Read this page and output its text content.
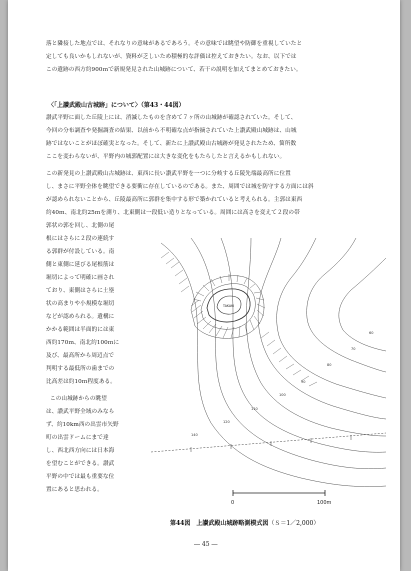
落と隣接した地点では、それなりの意味があるであろう。その意味では眺望や防御を重視していたと
定しても良いかもしれないが、資料が乏しいため積極的な評価は控えておきたい。なお、以下では
この遺跡の西方約900ｍで新規発見された山城跡について、若干の説明を加えてまとめておきたい。
〈「上讃武殿山古城跡」について〉（第43・44図）
讃武平野に面した丘陵上には、消滅したものを含めて７ヶ所の山城跡が確認されていた。そして、
今回の分布調査や発掘調査の結果、以前から不明確な点が指摘されていた上讃武殿山城跡は、山城
跡ではないことがほぼ確実となった。そして、新たに上讃武殿山古城跡が発見されたため、箇所数
ここを変わらないが、平野内の城郭配置には大きな変化をもたらしたと言えるかもしれない。
この新発見の上讃武殿山古城跡は、東西に長い讃武平野を一つに分岐する丘陵先端最高所に位置
し、まさに平野全体を眺望できる要衝に存在しているのである。また、周囲では城を防守する方面には斜
が認められないことから、丘陵最高所に郭群を集中する形で築かれていると考えられる。主郭は東西
約40ｍ、南北約25ｍを測り、北東側は一段低い造りとなっている。周囲には高さを変えて２段の帯
郭状の郭を回し、北側の尾
根にはさらに２段の連続す
る郭群が付設している。南
側と東側に延びる尾根筋は
堀切によって明確に画され
ており、東側はさらに土塁
状の高まりや小規模な堀切
などが認められる。遺構に
かかる範囲は半面的には東
西約170ｍ、南北約100ｍに
及び、最高所から周辺点で
判明する最低所の歯までの
比高差は約10ｍ程度ある。
この山城跡からの眺望
は、讃武平野全域のみなら
ず、約10km西の出雲市矢野
町の出雲ドームにまで達
し、西北西方向には日本海
を望むことができる。讃武
平野の中では最も重要な位
置にあると思われる。
TAKAKI
140
120
110
100
90
80
70
60
0	100m
第44図　上讃武殿山城跡略測模式図（Ｓ＝1／2,000）
― 45 ―
